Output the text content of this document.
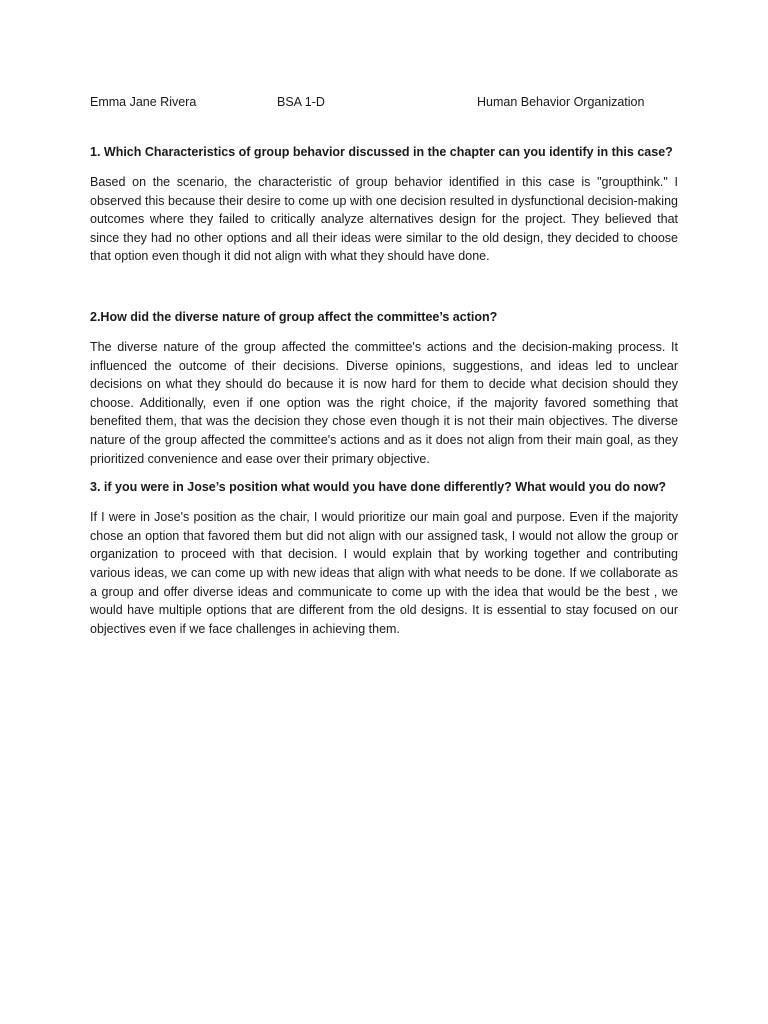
Emma Jane Rivera	BSA 1-D	Human Behavior Organization

1. Which Characteristics of group behavior discussed in the chapter can you identify in this case?

Based on the scenario, the characteristic of group behavior identified in this case is "groupthink." I observed this because their desire to come up with one decision resulted in dysfunctional decision-making outcomes where they failed to critically analyze alternatives design for the project. They believed that since they had no other options and all their ideas were similar to the old design, they decided to choose that option even though it did not align with what they should have done.

2.How did the diverse nature of group affect the committee’s action?

The diverse nature of the group affected the committee's actions and the decision-making process. It influenced the outcome of their decisions. Diverse opinions, suggestions, and ideas led to unclear decisions on what they should do because it is now hard for them to decide what decision should they choose. Additionally, even if one option was the right choice, if the majority favored something that benefited them, that was the decision they chose even though it is not their main objectives. The diverse nature of the group affected the committee's actions and as it does not align from their main goal, as they prioritized convenience and ease over their primary objective.

3. if you were in Jose’s position what would you have done differently? What would you do now?

If I were in Jose's position as the chair, I would prioritize our main goal and purpose. Even if the majority chose an option that favored them but did not align with our assigned task, I would not allow the group or organization to proceed with that decision. I would explain that by working together and contributing various ideas, we can come up with new ideas that align with what needs to be done. If we collaborate as a group and offer diverse ideas and communicate to come up with the idea that would be the best , we would have multiple options that are different from the old designs. It is essential to stay focused on our objectives even if we face challenges in achieving them.
